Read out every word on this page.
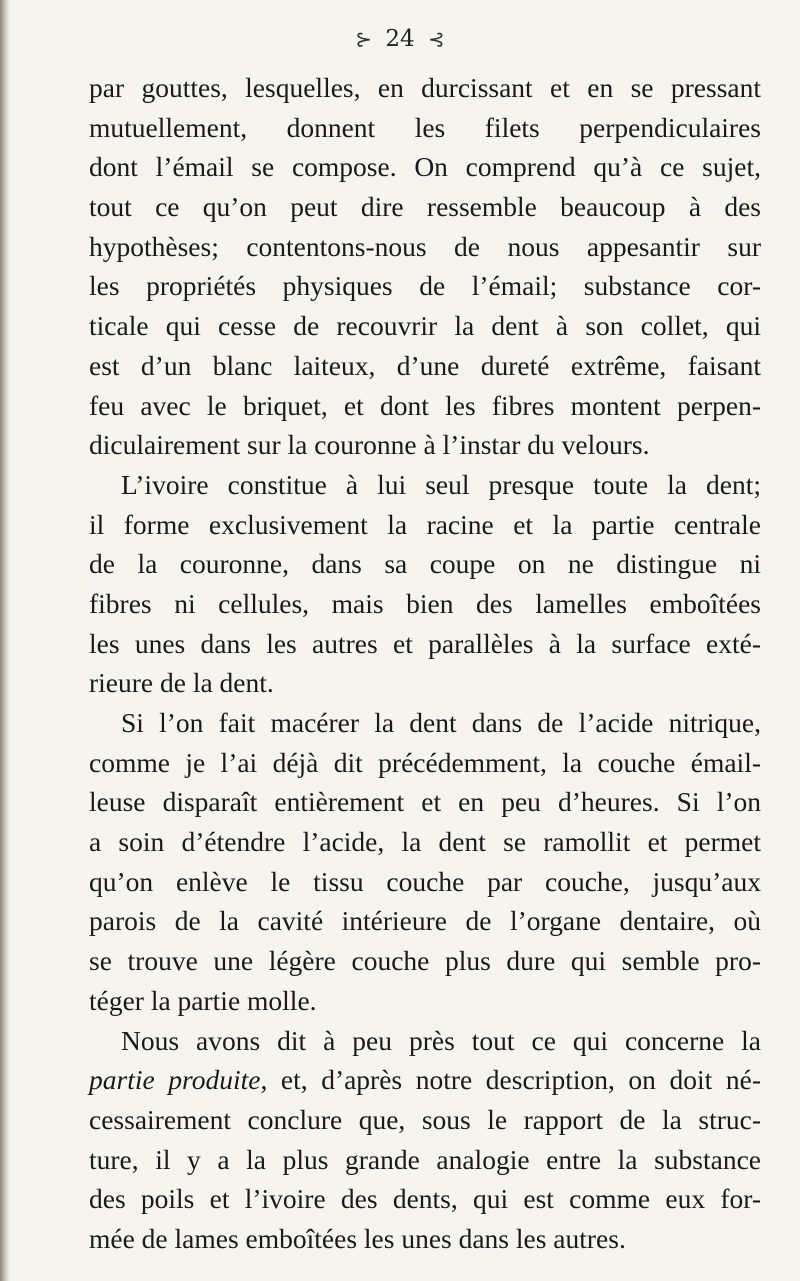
⊱ 24 ⊰
par gouttes, lesquelles, en durcissant et en se pressant
mutuellement, donnent les filets perpendiculaires
dont l’émail se compose. On comprend qu’à ce sujet,
tout ce qu’on peut dire ressemble beaucoup à des
hypothèses; contentons-nous de nous appesantir sur
les propriétés physiques de l’émail; substance cor-
ticale qui cesse de recouvrir la dent à son collet, qui
est d’un blanc laiteux, d’une dureté extrême, faisant
feu avec le briquet, et dont les fibres montent perpen-
diculairement sur la couronne à l’instar du velours.
L’ivoire constitue à lui seul presque toute la dent;
il forme exclusivement la racine et la partie centrale
de la couronne, dans sa coupe on ne distingue ni
fibres ni cellules, mais bien des lamelles emboîtées
les unes dans les autres et parallèles à la surface exté-
rieure de la dent.
Si l’on fait macérer la dent dans de l’acide nitrique,
comme je l’ai déjà dit précédemment, la couche émail-
leuse disparaît entièrement et en peu d’heures. Si l’on
a soin d’étendre l’acide, la dent se ramollit et permet
qu’on enlève le tissu couche par couche, jusqu’aux
parois de la cavité intérieure de l’organe dentaire, où
se trouve une légère couche plus dure qui semble pro-
téger la partie molle.
Nous avons dit à peu près tout ce qui concerne la
partie produite, et, d’après notre description, on doit né-
cessairement conclure que, sous le rapport de la struc-
ture, il y a la plus grande analogie entre la substance
des poils et l’ivoire des dents, qui est comme eux for-
mée de lames emboîtées les unes dans les autres.
